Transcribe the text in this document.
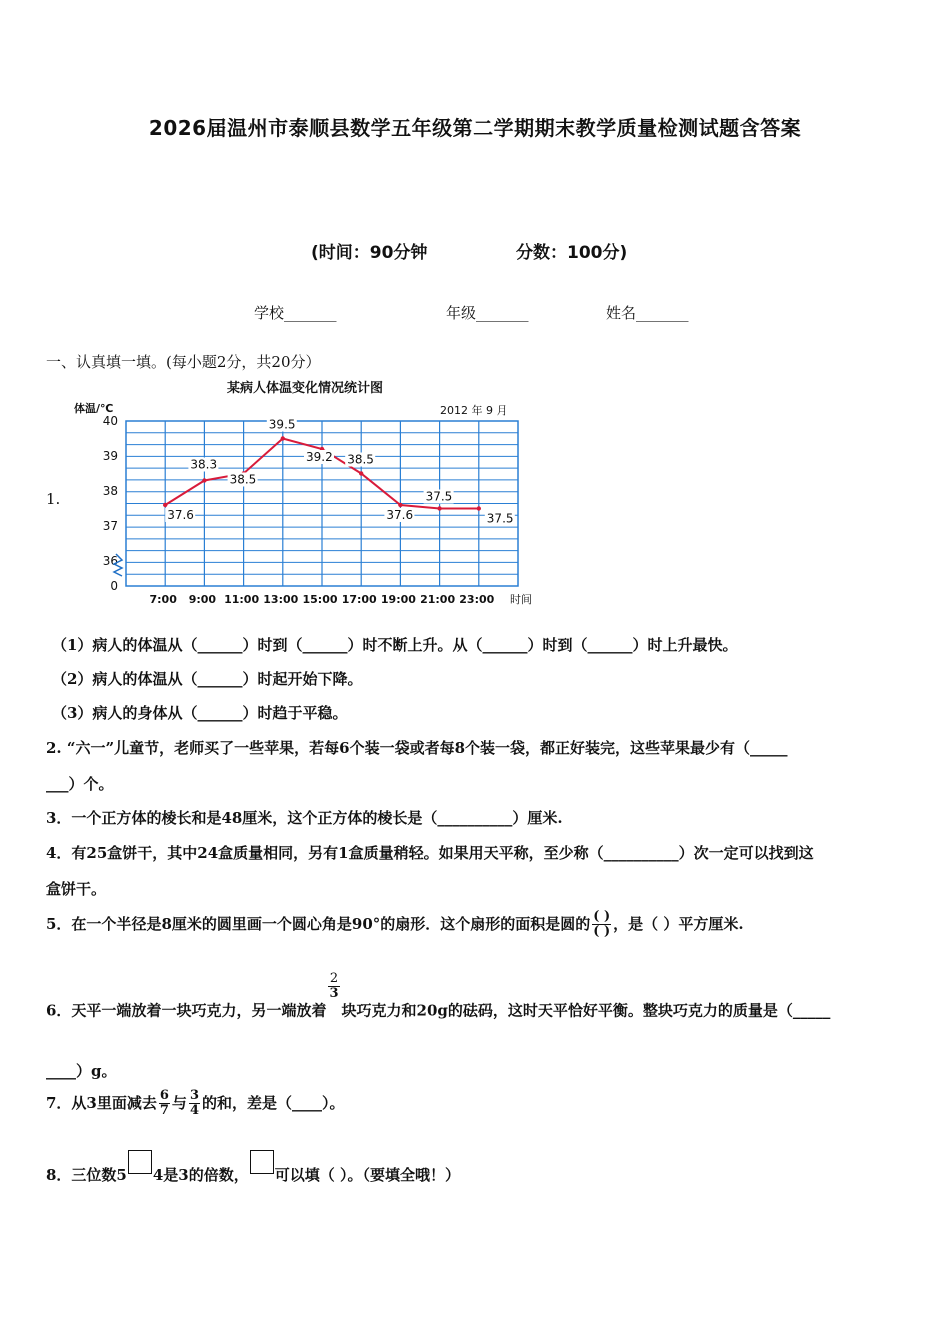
2026届温州市泰顺县数学五年级第二学期期末教学质量检测试题含答案
(时间：90分钟	分数：100分)
学校_______	年级_______	姓名_______
一、认真填一填。(每小题2分，共20分）
1.
某病人体温变化情况统计图
体温/℃	2012 年 9 月
40
39
38
37
36
0
7:00 9:00 11:00 13:00 15:00 17:00 19:00 21:00 23:00
37.6
38.3
38.5
39.5
39.2 38.5
37.6
37.5
37.5
时间
（1）病人的体温从（______）时到（______）时不断上升。从（______）时到（______）时上升最快。
（2）病人的体温从（______）时起开始下降。
（3）病人的身体从（______）时趋于平稳。
2. “六一”儿童节，老师买了一些苹果，若每6个装一袋或者每8个装一袋，都正好装完，这些苹果最少有（_____
___）个。
3．一个正方体的棱长和是48厘米，这个正方体的棱长是（__________）厘米.
4．有25盒饼干，其中24盒质量相同，另有1盒质量稍轻。如果用天平称，至少称（__________）次一定可以找到这
盒饼干。
5．在一个半径是8厘米的圆里画一个圆心角是90°的扇形．这个扇形的面积是圆的 $\frac{( )}{( )}$ ，是（ ）平方厘米.
6．天平一端放着一块巧克力，另一端放着
$\frac{2}{3}$
块巧克力和20g的砝码，这时天平恰好平衡。整块巧克力的质量是（_____
____）g。
7．从3里面减去 $\frac{6}{7}$ 与 $\frac{3}{4}$ 的和，差是（____）。
8．三位数5 4是3的倍数， 可以填（ ）。（要填全哦！）
